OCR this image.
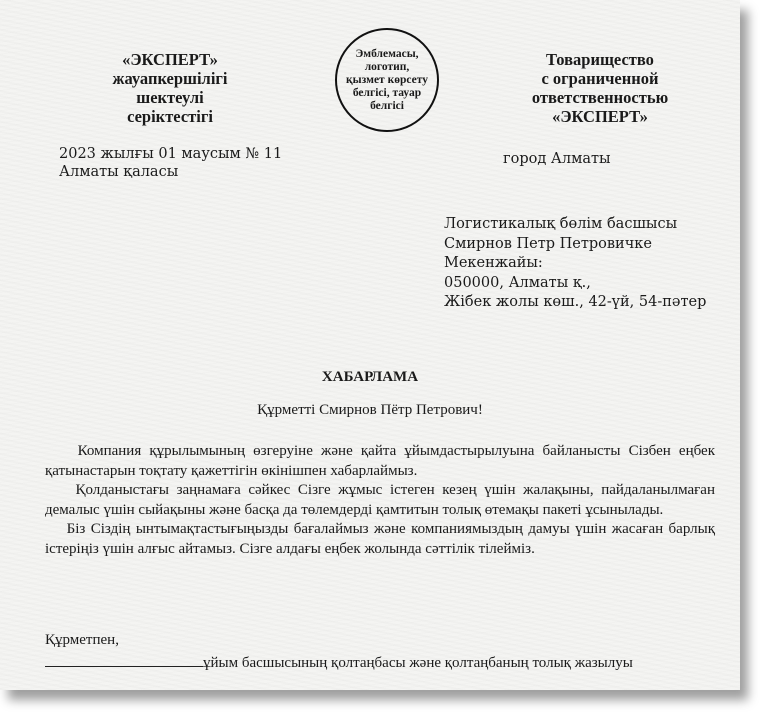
«ЭКСПЕРТ»
жауапкершілігі
шектеулі
серіктестігі
Эмблемасы,
логотип,
қызмет көрсету
белгісі, тауар
белгісі
Товарищество
с ограниченной
ответственностью
«ЭКСПЕРТ»
2023 жылғы 01 маусым № 11
Алматы қаласы
город Алматы
Логистикалық бөлім басшысы
Смирнов Петр Петровичке
Мекенжайы:
050000, Алматы қ.,
Жібек жолы көш., 42-үй, 54-пәтер
ХАБАРЛАМА
Құрметті Смирнов Пётр Петрович!

Компания құрылымының өзгеруіне және қайта ұйымдастырылуына байланысты Сізбен еңбек қатынастарын тоқтату қажеттігін өкінішпен хабарлаймыз.

Қолданыстағы заңнамаға сәйкес Сізге жұмыс істеген кезең үшін жалақыны, пайдаланылмаған демалыс үшін сыйақыны және басқа да төлемдерді қамтитын толық өтемақы пакеті ұсынылады.

Біз Сіздің ынтымақтастығыңызды бағалаймыз және компаниямыздың дамуы үшін жасаған барлық істеріңіз үшін алғыс айтамыз. Сізге алдағы еңбек жолында сәттілік тілейміз.

Құрметпен,
ұйым басшысының қолтаңбасы және қолтаңбаның толық жазылуы
